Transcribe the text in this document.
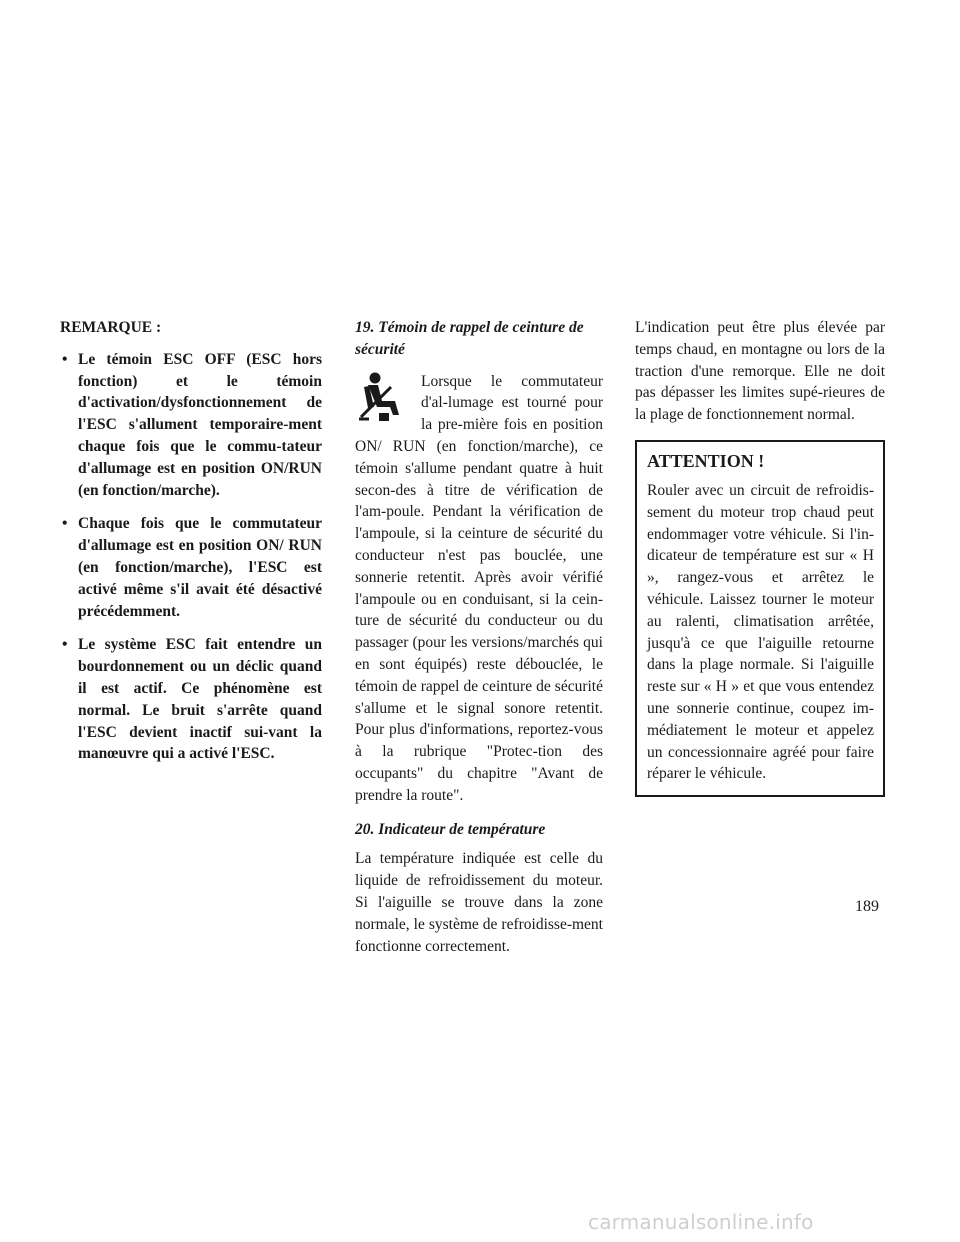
REMARQUE :

• Le témoin ESC OFF (ESC hors fonction) et le témoin d'activation/dysfonctionnement de l'ESC s'allument temporaire-ment chaque fois que le commu-tateur d'allumage est en position ON/RUN (en fonction/marche).
• Chaque fois que le commutateur d'allumage est en position ON/ RUN (en fonction/marche), l'ESC est activé même s'il avait été désactivé précédemment.
• Le système ESC fait entendre un bourdonnement ou un déclic quand il est actif. Ce phénomène est normal. Le bruit s'arrête quand l'ESC devient inactif sui-vant la manœuvre qui a activé l'ESC.

19. Témoin de rappel de ceinture de sécurité

Lorsque le commutateur d'al-lumage est tourné pour la pre-mière fois en position ON/ RUN (en fonction/marche), ce témoin s'allume pendant quatre à huit secon-des à titre de vérification de l'am-poule. Pendant la vérification de l'ampoule, si la ceinture de sécurité du conducteur n'est pas bouclée, une sonnerie retentit. Après avoir vérifié l'ampoule ou en conduisant, si la cein-ture de sécurité du conducteur ou du passager (pour les versions/marchés qui en sont équipés) reste débouclée, le témoin de rappel de ceinture de sécurité s'allume et le signal sonore retentit. Pour plus d'informations, reportez-vous à la rubrique "Protec-tion des occupants" du chapitre "Avant de prendre la route".

20. Indicateur de température

La température indiquée est celle du liquide de refroidissement du moteur. Si l'aiguille se trouve dans la zone normale, le système de refroidisse-ment fonctionne correctement.

L'indication peut être plus élevée par temps chaud, en montagne ou lors de la traction d'une remorque. Elle ne doit pas dépasser les limites supé-rieures de la plage de fonctionnement normal.

ATTENTION !

Rouler avec un circuit de refroidis-sement du moteur trop chaud peut endommager votre véhicule. Si l'in-dicateur de température est sur « H », rangez-vous et arrêtez le véhicule. Laissez tourner le moteur au ralenti, climatisation arrêtée, jusqu'à ce que l'aiguille retourne dans la plage normale. Si l'aiguille reste sur « H » et que vous entendez une sonnerie continue, coupez im-médiatement le moteur et appelez un concessionnaire agréé pour faire réparer le véhicule.

189
carmanualsonline.info
